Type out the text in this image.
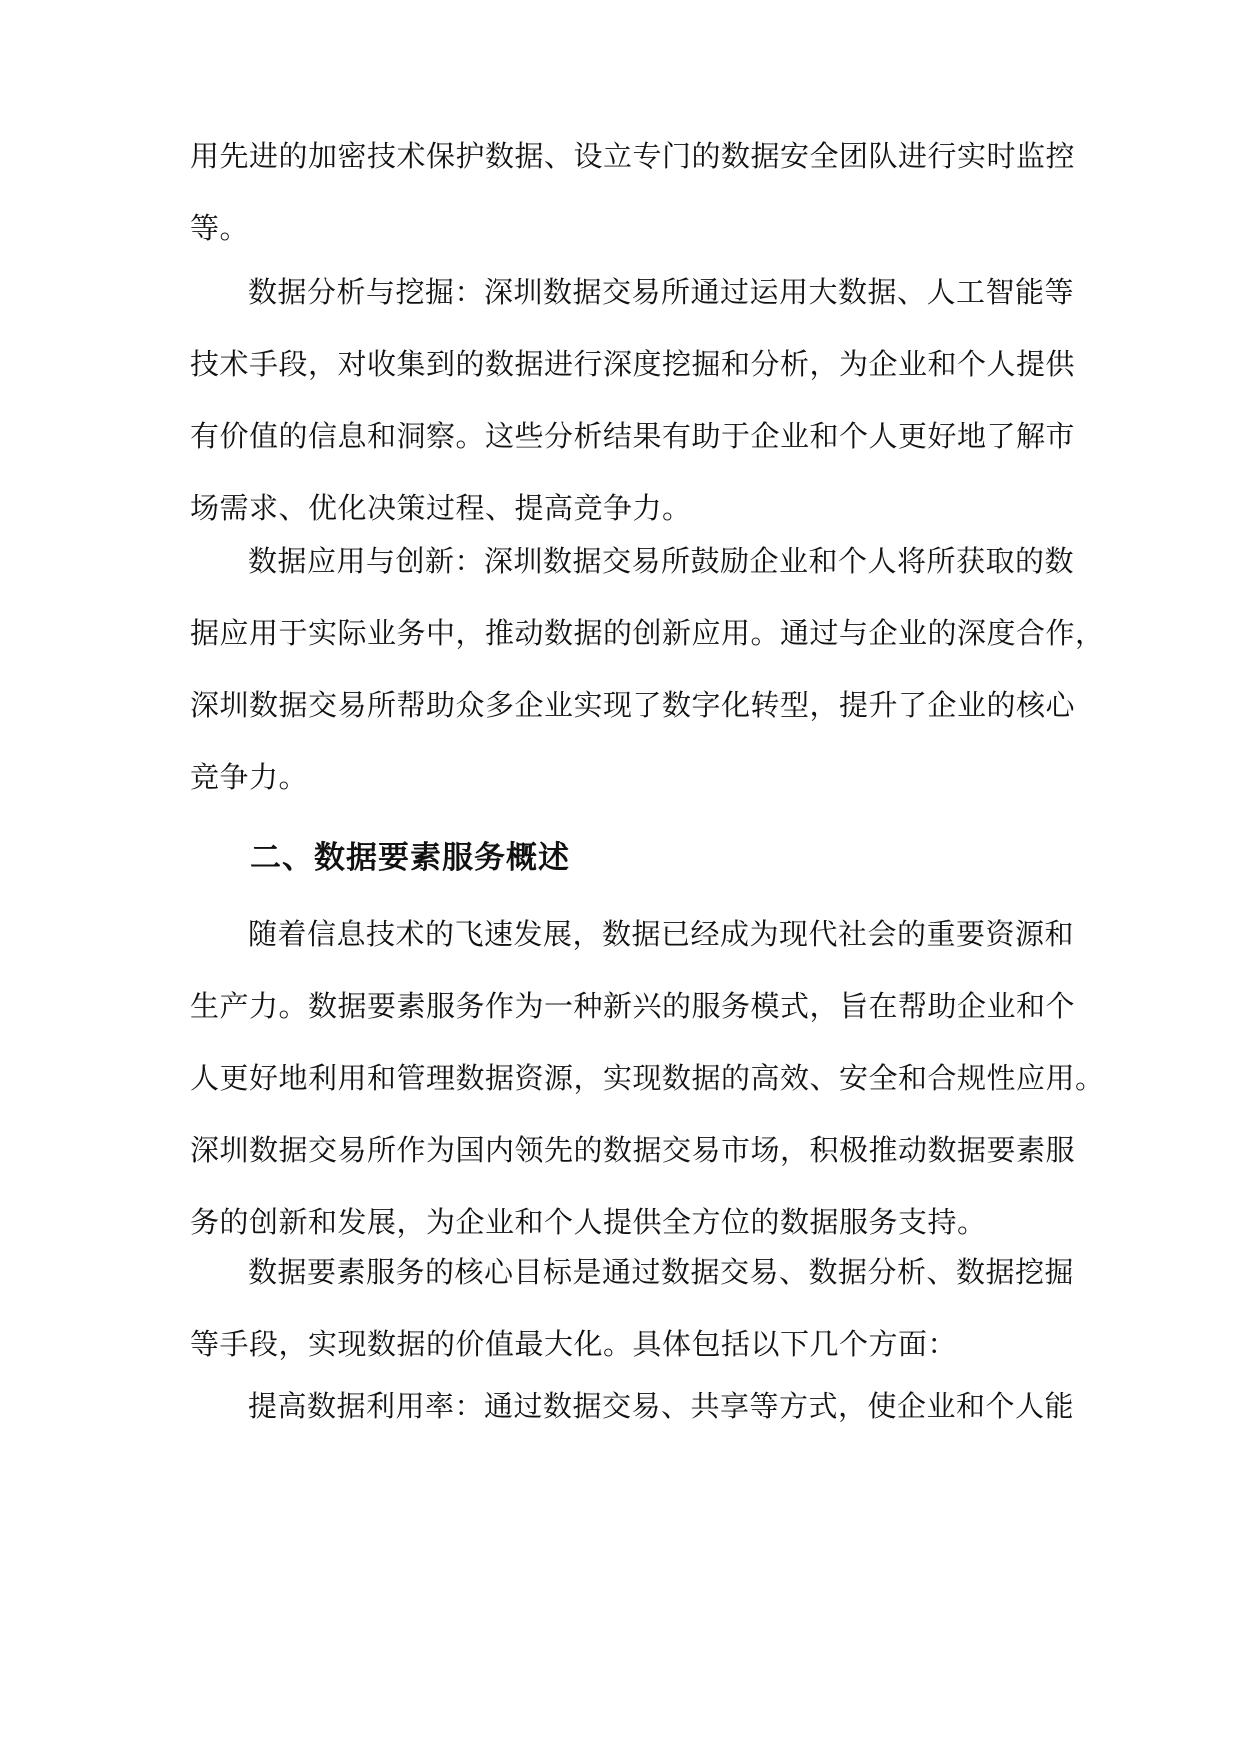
用先进的加密技术保护数据、设立专门的数据安全团队进行实时监控
等。

数据分析与挖掘：深圳数据交易所通过运用大数据、人工智能等
技术手段，对收集到的数据进行深度挖掘和分析，为企业和个人提供
有价值的信息和洞察。这些分析结果有助于企业和个人更好地了解市
场需求、优化决策过程、提高竞争力。

数据应用与创新：深圳数据交易所鼓励企业和个人将所获取的数
据应用于实际业务中，推动数据的创新应用。通过与企业的深度合作，
深圳数据交易所帮助众多企业实现了数字化转型，提升了企业的核心
竞争力。

二、数据要素服务概述

随着信息技术的飞速发展，数据已经成为现代社会的重要资源和
生产力。数据要素服务作为一种新兴的服务模式，旨在帮助企业和个
人更好地利用和管理数据资源，实现数据的高效、安全和合规性应用。
深圳数据交易所作为国内领先的数据交易市场，积极推动数据要素服
务的创新和发展，为企业和个人提供全方位的数据服务支持。

数据要素服务的核心目标是通过数据交易、数据分析、数据挖掘
等手段，实现数据的价值最大化。具体包括以下几个方面：

提高数据利用率：通过数据交易、共享等方式，使企业和个人能
